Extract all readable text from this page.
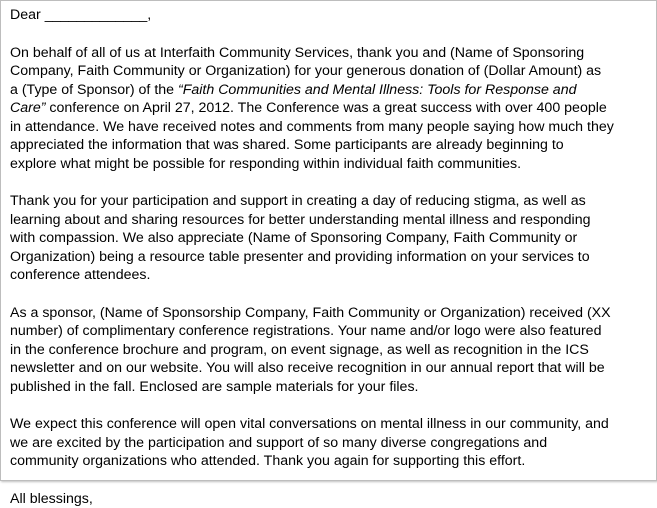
Dear _____________,

On behalf of all of us at Interfaith Community Services, thank you and (Name of Sponsoring
Company, Faith Community or Organization) for your generous donation of (Dollar Amount) as
a (Type of Sponsor) of the “Faith Communities and Mental Illness: Tools for Response and
Care” conference on April 27, 2012. The Conference was a great success with over 400 people
in attendance. We have received notes and comments from many people saying how much they
appreciated the information that was shared. Some participants are already beginning to
explore what might be possible for responding within individual faith communities.

Thank you for your participation and support in creating a day of reducing stigma, as well as
learning about and sharing resources for better understanding mental illness and responding
with compassion. We also appreciate (Name of Sponsoring Company, Faith Community or
Organization) being a resource table presenter and providing information on your services to
conference attendees.

As a sponsor, (Name of Sponsorship Company, Faith Community or Organization) received (XX
number) of complimentary conference registrations. Your name and/or logo were also featured
in the conference brochure and program, on event signage, as well as recognition in the ICS
newsletter and on our website. You will also receive recognition in our annual report that will be
published in the fall. Enclosed are sample materials for your files.

We expect this conference will open vital conversations on mental illness in our community, and
we are excited by the participation and support of so many diverse congregations and
community organizations who attended. Thank you again for supporting this effort.

All blessings,
